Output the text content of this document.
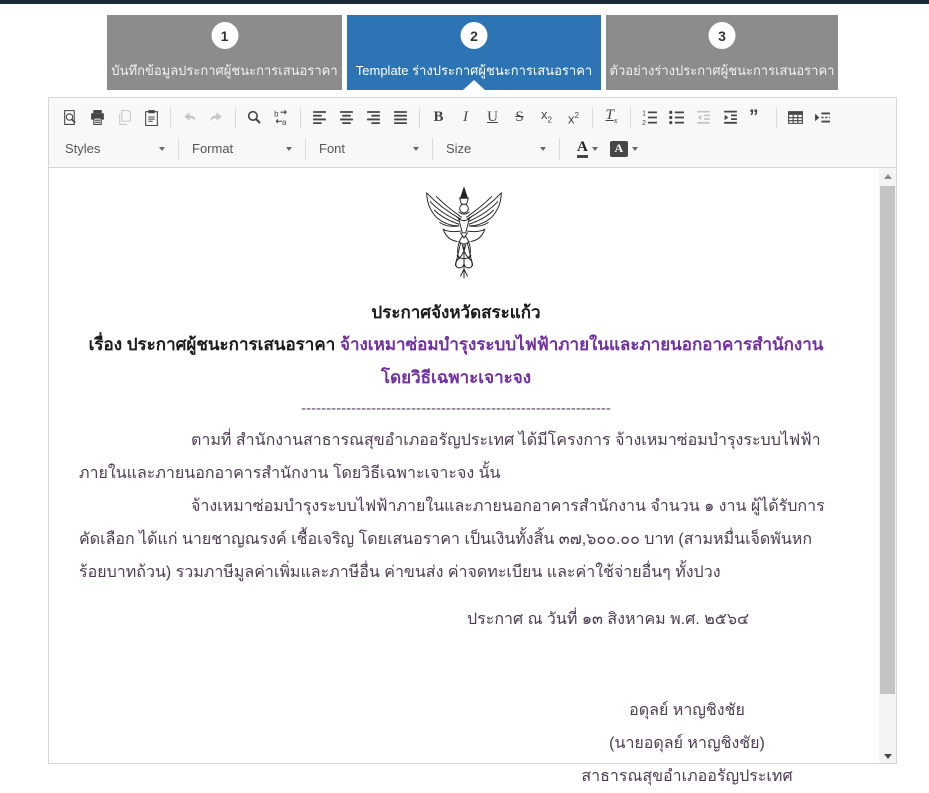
1
บันทึกข้อมูลประกาศผู้ชนะการเสนอราคา
2
Template ร่างประกาศผู้ชนะการเสนอราคา
3
ตัวอย่างร่างประกาศผู้ชนะการเสนอราคา
b
a	B I U S $x_2$ $x^2$ $T_x$
1
2	”
Styles	Format	Font	Size	A	A
ประกาศจังหวัดสระแก้ว
เรื่อง ประกาศผู้ชนะการเสนอราคา จ้างเหมาซ่อมบำรุงระบบไฟฟ้าภายในและภายนอกอาคารสำนักงาน โดยวิธีเฉพาะเจาะจง
--------------------------------------------------------------

ตามที่ สำนักงานสาธารณสุขอำเภออรัญประเทศ ได้มีโครงการ จ้างเหมาซ่อมบำรุงระบบไฟฟ้าภายในและภายนอกอาคารสำนักงาน โดยวิธีเฉพาะเจาะจง นั้น

จ้างเหมาซ่อมบำรุงระบบไฟฟ้าภายในและภายนอกอาคารสำนักงาน จำนวน ๑ งาน ผู้ได้รับการคัดเลือก ได้แก่ นายชาญณรงค์ เชื้อเจริญ โดยเสนอราคา เป็นเงินทั้งสิ้น ๓๗,๖๐๐.๐๐ บาท (สามหมื่นเจ็ดพันหกร้อยบาทถ้วน) รวมภาษีมูลค่าเพิ่มและภาษีอื่น ค่าขนส่ง ค่าจดทะเบียน และค่าใช้จ่ายอื่นๆ ทั้งปวง

ประกาศ ณ วันที่ ๑๓ สิงหาคม พ.ศ. ๒๕๖๔
อดุลย์ หาญชิงชัย
(นายอดุลย์ หาญชิงชัย)
สาธารณสุขอำเภออรัญประเทศ
